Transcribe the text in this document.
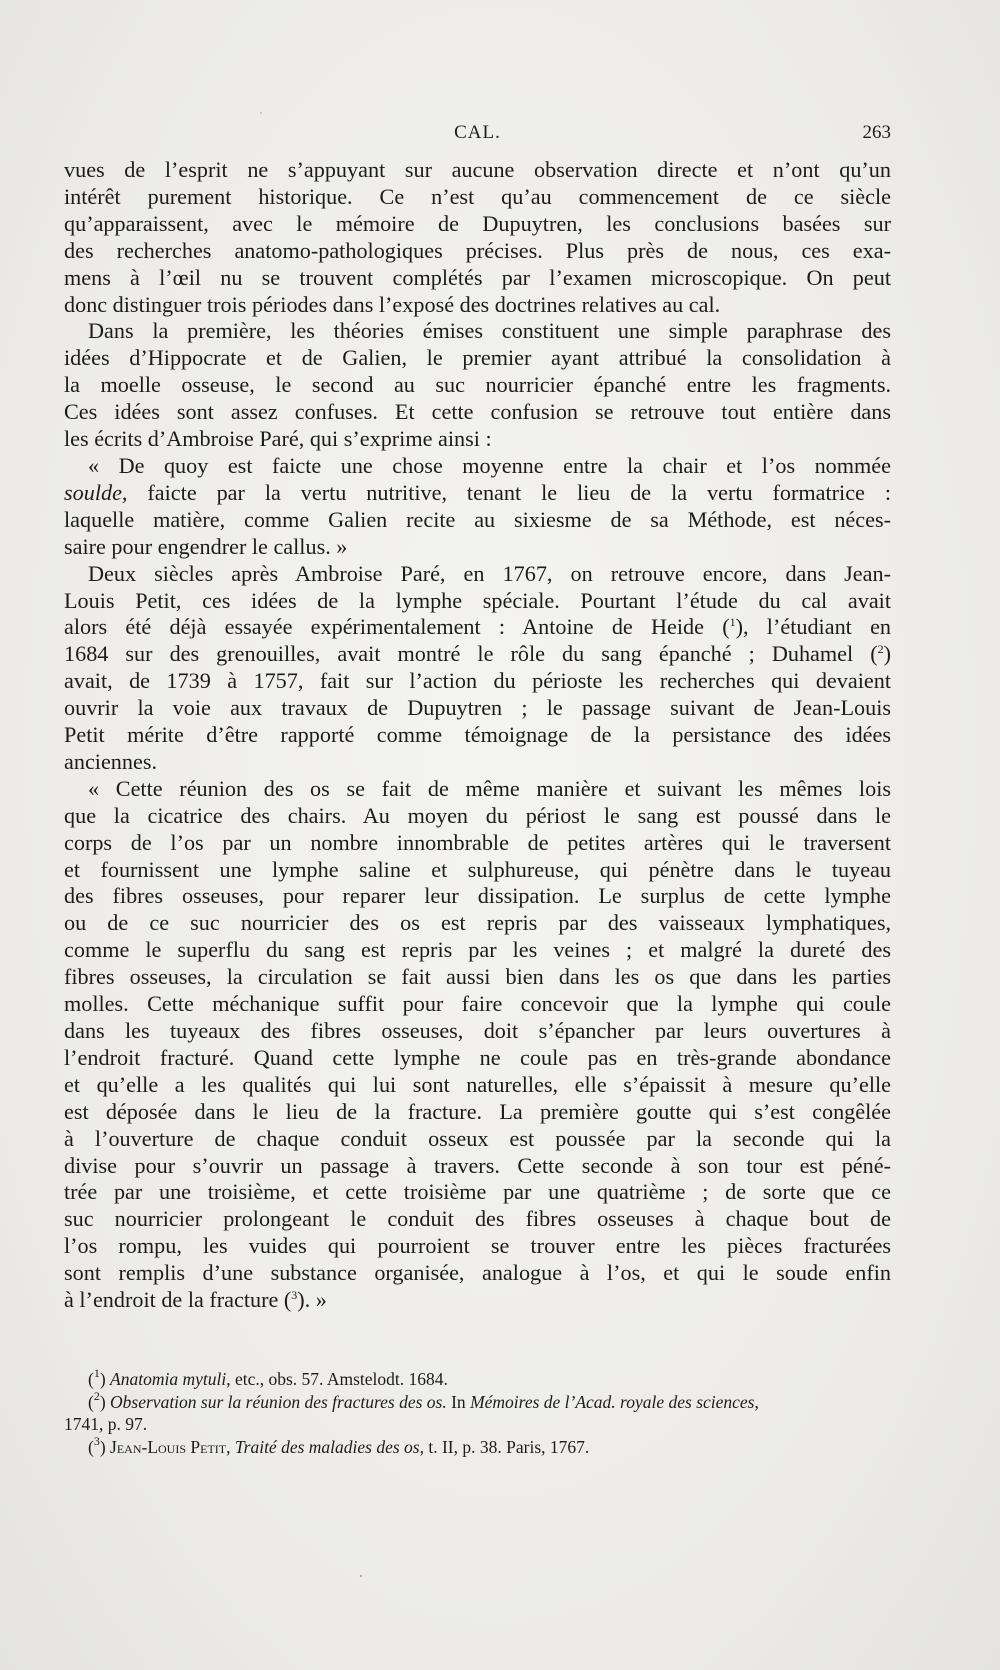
CAL.	263
vues de l’esprit ne s’appuyant sur aucune observation directe et n’ont qu’un
intérêt purement historique. Ce n’est qu’au commencement de ce siècle
qu’apparaissent, avec le mémoire de Dupuytren, les conclusions basées sur
des recherches anatomo-pathologiques précises. Plus près de nous, ces exa-
mens à l’œil nu se trouvent complétés par l’examen microscopique. On peut
donc distinguer trois périodes dans l’exposé des doctrines relatives au cal.
Dans la première, les théories émises constituent une simple paraphrase des
idées d’Hippocrate et de Galien, le premier ayant attribué la consolidation à
la moelle osseuse, le second au suc nourricier épanché entre les fragments.
Ces idées sont assez confuses. Et cette confusion se retrouve tout entière dans
les écrits d’Ambroise Paré, qui s’exprime ainsi :
« De quoy est faicte une chose moyenne entre la chair et l’os nommée
soulde, faicte par la vertu nutritive, tenant le lieu de la vertu formatrice :
laquelle matière, comme Galien recite au sixiesme de sa Méthode, est néces-
saire pour engendrer le callus. »
Deux siècles après Ambroise Paré, en 1767, on retrouve encore, dans Jean-
Louis Petit, ces idées de la lymphe spéciale. Pourtant l’étude du cal avait
alors été déjà essayée expérimentalement : Antoine de Heide ($^1$), l’étudiant en
1684 sur des grenouilles, avait montré le rôle du sang épanché ; Duhamel ($^2$)
avait, de 1739 à 1757, fait sur l’action du périoste les recherches qui devaient
ouvrir la voie aux travaux de Dupuytren ; le passage suivant de Jean-Louis
Petit mérite d’être rapporté comme témoignage de la persistance des idées
anciennes.
« Cette réunion des os se fait de même manière et suivant les mêmes lois
que la cicatrice des chairs. Au moyen du périost le sang est poussé dans le
corps de l’os par un nombre innombrable de petites artères qui le traversent
et fournissent une lymphe saline et sulphureuse, qui pénètre dans le tuyeau
des fibres osseuses, pour reparer leur dissipation. Le surplus de cette lymphe
ou de ce suc nourricier des os est repris par des vaisseaux lymphatiques,
comme le superflu du sang est repris par les veines ; et malgré la dureté des
fibres osseuses, la circulation se fait aussi bien dans les os que dans les parties
molles. Cette méchanique suffit pour faire concevoir que la lymphe qui coule
dans les tuyeaux des fibres osseuses, doit s’épancher par leurs ouvertures à
l’endroit fracturé. Quand cette lymphe ne coule pas en très-grande abondance
et qu’elle a les qualités qui lui sont naturelles, elle s’épaissit à mesure qu’elle
est déposée dans le lieu de la fracture. La première goutte qui s’est congêlée
à l’ouverture de chaque conduit osseux est poussée par la seconde qui la
divise pour s’ouvrir un passage à travers. Cette seconde à son tour est péné-
trée par une troisième, et cette troisième par une quatrième ; de sorte que ce
suc nourricier prolongeant le conduit des fibres osseuses à chaque bout de
l’os rompu, les vuides qui pourroient se trouver entre les pièces fracturées
sont remplis d’une substance organisée, analogue à l’os, et qui le soude enfin
à l’endroit de la fracture ($^3$). »
($^1$) Anatomia mytuli, etc., obs. 57. Amstelodt. 1684.
($^2$) Observation sur la réunion des fractures des os. In Mémoires de l’Acad. royale des sciences,
1741, p. 97.
($^3$) Jean-Louis Petit, Traité des maladies des os, t. II, p. 38. Paris, 1767.
